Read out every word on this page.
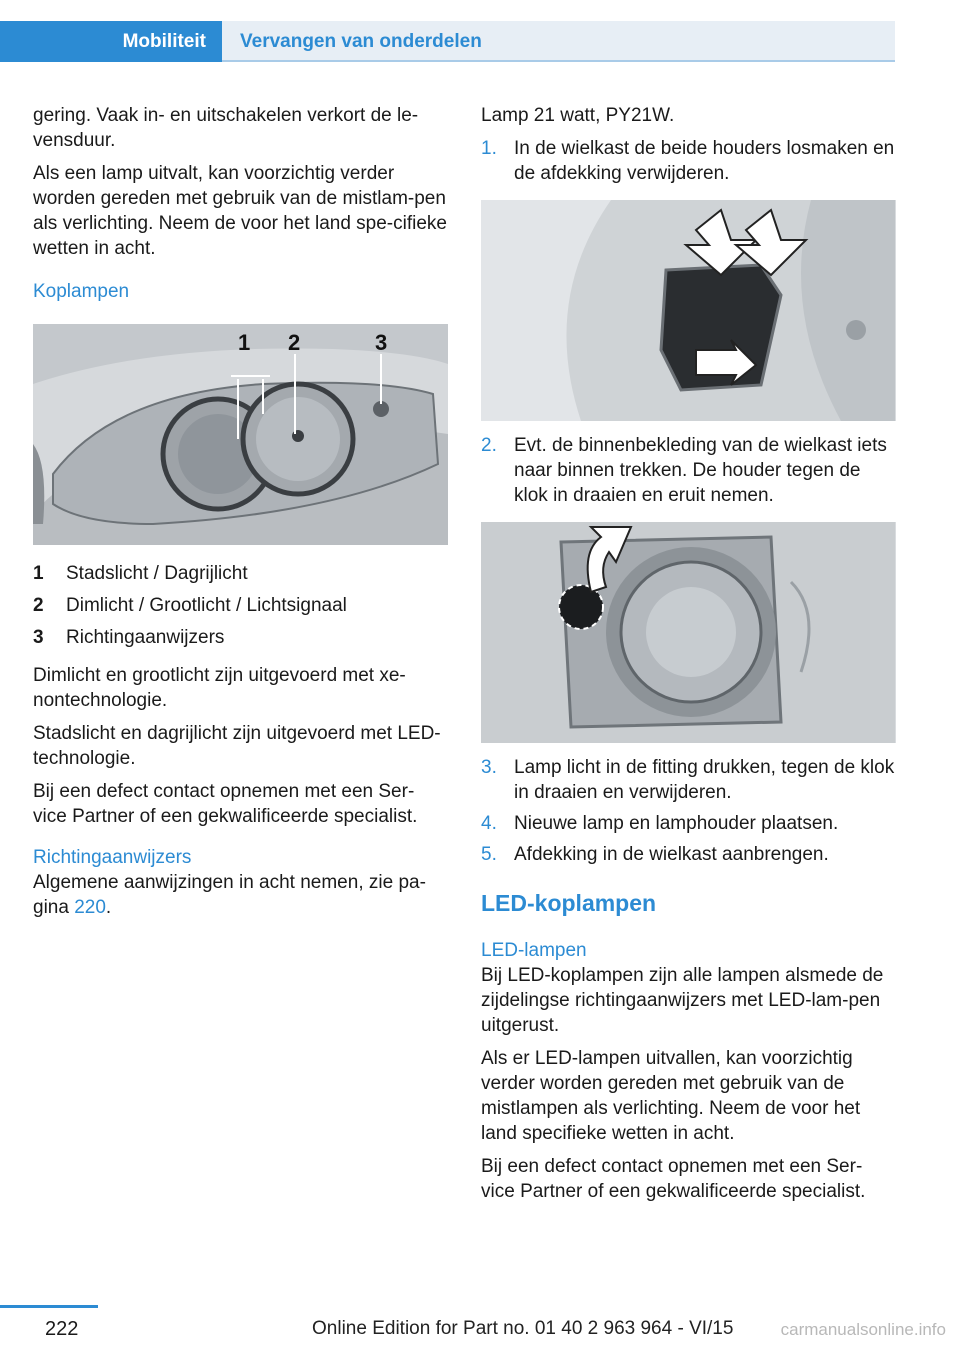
Mobiliteit	Vervangen van onderdelen

gering. Vaak in- en uitschakelen verkort de le‐vensduur.

Als een lamp uitvalt, kan voorzichtig verder worden gereden met gebruik van de mistlam‐pen als verlichting. Neem de voor het land spe‐cifieke wetten in acht.

Koplampen
1 2	3
1	Stadslicht / Dagrijlicht
2	Dimlicht / Grootlicht / Lichtsignaal
3	Richtingaanwijzers

Dimlicht en grootlicht zijn uitgevoerd met xe‐nontechnologie.

Stadslicht en dagrijlicht zijn uitgevoerd met LED-technologie.

Bij een defect contact opnemen met een Ser‐vice Partner of een gekwalificeerde specialist.

Richtingaanwijzers

Algemene aanwijzingen in acht nemen, zie pa‐gina 220.

Lamp 21 watt, PY21W.

1. In de wielkast de beide houders losmaken en de afdekking verwijderen.
2. Evt. de binnenbekleding van de wielkast iets naar binnen trekken. De houder tegen de klok in draaien en eruit nemen.
3. Lamp licht in de fitting drukken, tegen de klok in draaien en verwijderen.
4. Nieuwe lamp en lamphouder plaatsen.
5. Afdekking in de wielkast aanbrengen.
LED-koplampen
LED-lampen

Bij LED-koplampen zijn alle lampen alsmede de zijdelingse richtingaanwijzers met LED-lam‐pen uitgerust.

Als er LED-lampen uitvallen, kan voorzichtig verder worden gereden met gebruik van de mistlampen als verlichting. Neem de voor het land specifieke wetten in acht.

Bij een defect contact opnemen met een Ser‐vice Partner of een gekwalificeerde specialist.

222	Online Edition for Part no. 01 40 2 963 964 - VI/15	carmanualsonline.info
